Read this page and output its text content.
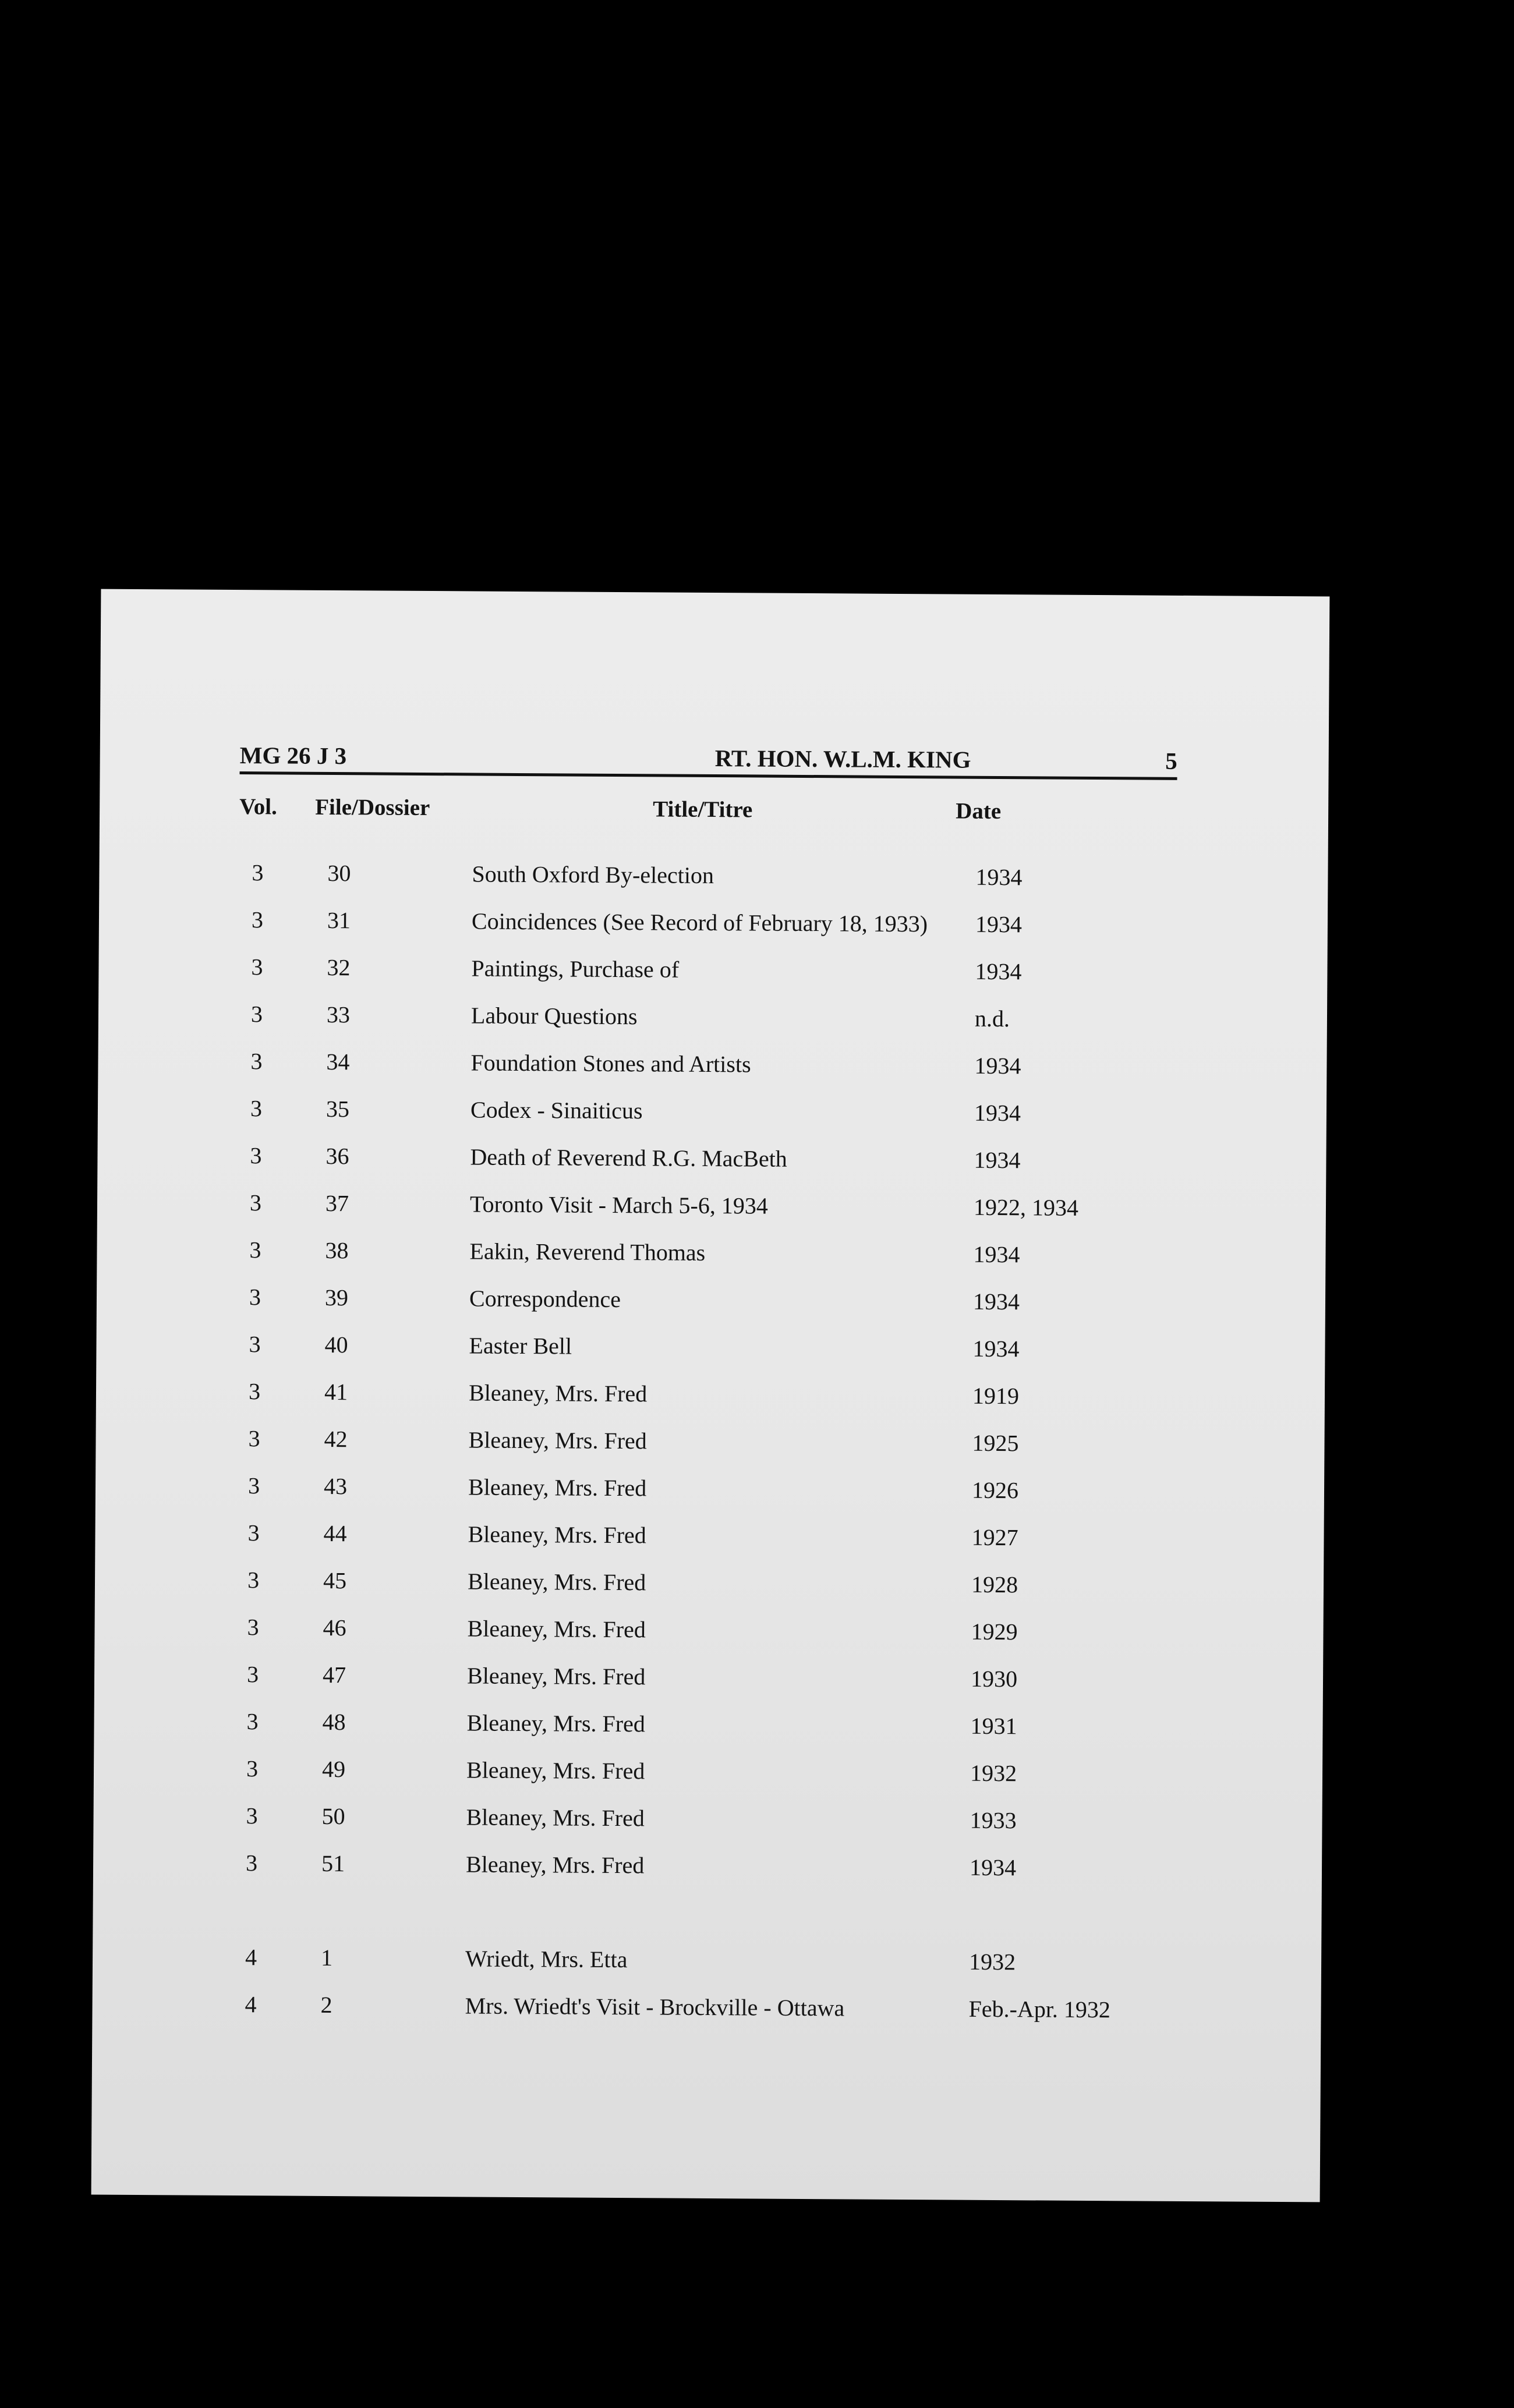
MG 26 J 3	RT. HON. W.L.M. KING	5
Vol. File/Dossier	Title/Titre	Date
3	30	South Oxford By-election	1934
3	31	Coincidences (See Record of February 18, 1933) 1934
3	32	Paintings, Purchase of	1934
3	33	Labour Questions	n.d.
3	34	Foundation Stones and Artists	1934
3	35	Codex - Sinaiticus	1934
3	36	Death of Reverend R.G. MacBeth	1934
3	37	Toronto Visit - March 5-6, 1934	1922, 1934
3	38	Eakin, Reverend Thomas	1934
3	39	Correspondence	1934
3	40	Easter Bell	1934
3	41	Bleaney, Mrs. Fred	1919
3	42	Bleaney, Mrs. Fred	1925
3	43	Bleaney, Mrs. Fred	1926
3	44	Bleaney, Mrs. Fred	1927
3	45	Bleaney, Mrs. Fred	1928
3	46	Bleaney, Mrs. Fred	1929
3	47	Bleaney, Mrs. Fred	1930
3	48	Bleaney, Mrs. Fred	1931
3	49	Bleaney, Mrs. Fred	1932
3	50	Bleaney, Mrs. Fred	1933
3	51	Bleaney, Mrs. Fred	1934
4	1	Wriedt, Mrs. Etta	1932
4	2	Mrs. Wriedt's Visit - Brockville - Ottawa	Feb.-Apr. 1932
